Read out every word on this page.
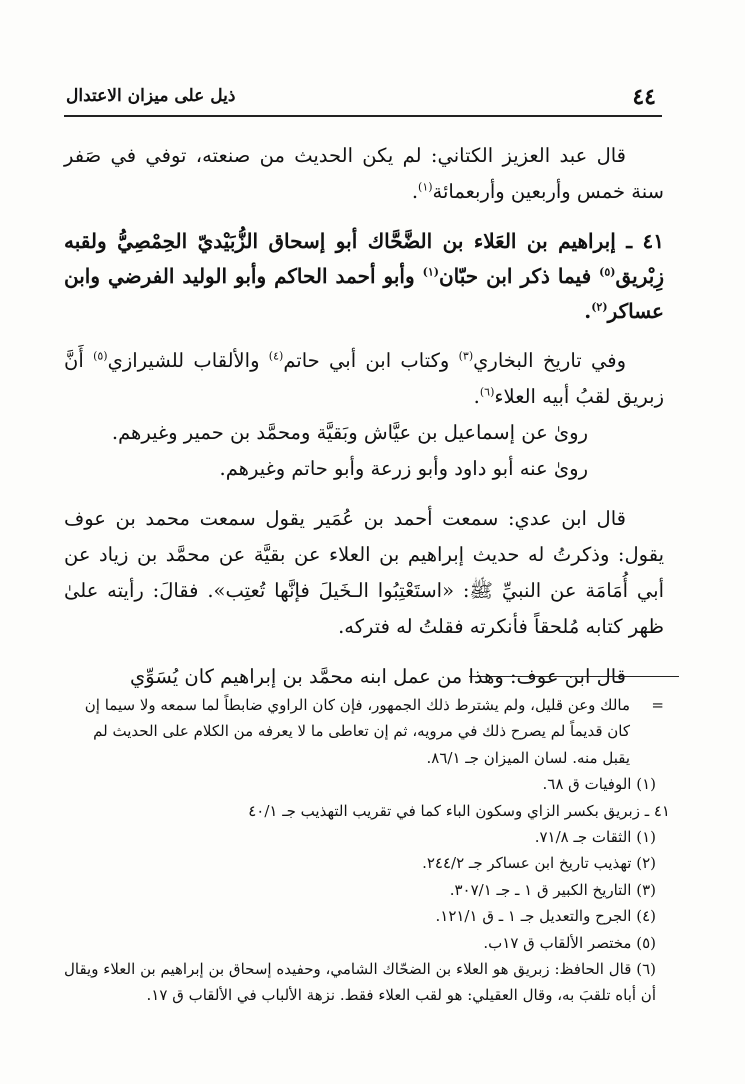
٤٤
ذيل على ميزان الاعتدال

قال عبد العزيز الكتاني: لم يكن الحديث من صنعته، توفي في صَفر سنة خمس وأربعين وأربعمائة$^{(١)}$.

٤١ ـ إبراهيم بن العَلاء بن الضَّحَّاك أبو إسحاق الزُّبَيْديّ الحِمْصِيُّ ولقبه زِبْريق$^{(٥)}$ فيما ذكر ابن حبّان$^{(١)}$ وأبو أحمد الحاكم وأبو الوليد الفرضي وابن عساكر$^{(٢)}$.

وفي تاريخ البخاري$^{(٣)}$ وكتاب ابن أبي حاتم$^{(٤)}$ والألقاب للشيرازي$^{(٥)}$ أَنَّ زبريق لقبُ أبيه العلاء$^{(٦)}$.

روىٰ عن إسماعيل بن عيَّاش وبَقيَّة ومحمَّد بن حمير وغيرهم.

روىٰ عنه أبو داود وأبو زرعة وأبو حاتم وغيرهم.

قال ابن عدي: سمعت أحمد بن عُمَير يقول سمعت محمد بن عوف يقول: وذكرتُ له حديث إبراهيم بن العلاء عن بقيَّة عن محمَّد بن زياد عن أبي أُمَامَة عن النبيِّ ﷺ: «استَعْتِبُوا الـخَيلَ فإنَّها تُعتِب». فقالَ: رأيته علىٰ ظهر كتابه مُلحقاً فأنكرته فقلتُ له فتركه.

قال ابن عوف: وهذا من عمل ابنه محمَّد بن إبراهيم كان يُسَوِّي

=
مالك وعن قليل، ولم يشترط ذلك الجمهور، فإن كان الراوي ضابطاً لما سمعه ولا سيما إن كان قديماً لم يصرح ذلك في مرويه، ثم إن تعاطى ما لا يعرفه من الكلام على الحديث لم يقبل منه. لسان الميزان جـ ٨٦/١.

(١) الوفيات ق ٦٨.

٤١ ـ زبريق بكسر الزاي وسكون الباء كما في تقريب التهذيب جـ ٤٠/١

(١) الثقات جـ ٧١/٨.

(٢) تهذيب تاريخ ابن عساكر جـ ٢٤٤/٢.

(٣) التاريخ الكبير ق ١ ـ جـ ٣٠٧/١.

(٤) الجرح والتعديل جـ ١ ـ ق ١٢١/١.

(٥) مختصر الألقاب ق ١٧ب.

(٦) قال الحافظ: زبريق هو العلاء بن الضحّاك الشامي، وحفيده إسحاق بن إبراهيم بن العلاء ويقال أن أباه تلقبَ به، وقال العقيلي: هو لقب العلاء فقط. نزهة الألباب في الألقاب ق ١٧.
